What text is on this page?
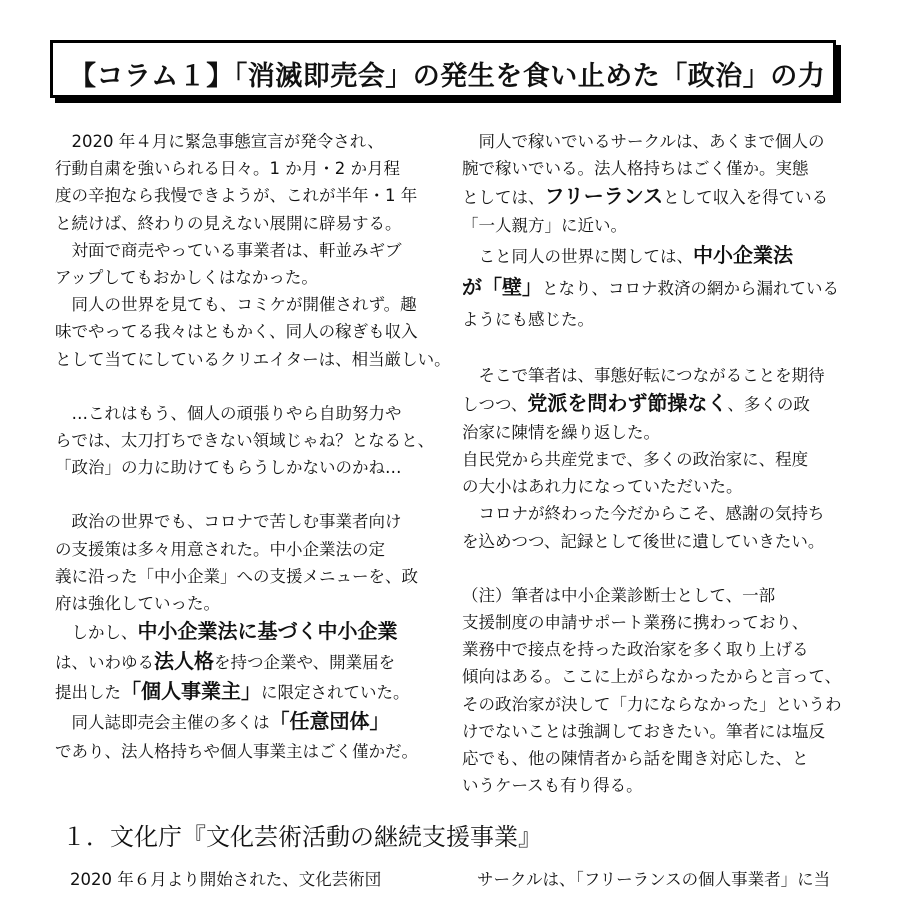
【コラム１】「消滅即売会」の発生を食い止めた「政治」の力
　2020 年４月に緊急事態宣言が発令され、
行動自粛を強いられる日々。1 か月・2 か月程
度の辛抱なら我慢できようが、これが半年・1 年
と続けば、終わりの見えない展開に辟易する。
　対面で商売やっている事業者は、軒並みギブ
アップしてもおかしくはなかった。
　同人の世界を見ても、コミケが開催されず。趣
味でやってる我々はともかく、同人の稼ぎも収入
として当てにしているクリエイターは、相当厳しい。
　…これはもう、個人の頑張りやら自助努力や
らでは、太刀打ちできない領域じゃね？となると、
「政治」の力に助けてもらうしかないのかね…
　政治の世界でも、コロナで苦しむ事業者向け
の支援策は多々用意された。中小企業法の定
義に沿った「中小企業」への支援メニューを、政
府は強化していった。
　しかし、中小企業法に基づく中小企業
は、いわゆる法人格を持つ企業や、開業届を
提出した「個人事業主」に限定されていた。
　同人誌即売会主催の多くは「任意団体」
であり、法人格持ちや個人事業主はごく僅かだ。
　同人で稼いでいるサークルは、あくまで個人の
腕で稼いでいる。法人格持ちはごく僅か。実態
としては、フリーランスとして収入を得ている
「一人親方」に近い。
　こと同人の世界に関しては、中小企業法
が「壁」となり、コロナ救済の網から漏れている
ようにも感じた。
　そこで筆者は、事態好転につながることを期待
しつつ、党派を問わず節操なく、多くの政
治家に陳情を繰り返した。
自民党から共産党まで、多くの政治家に、程度
の大小はあれ力になっていただいた。
　コロナが終わった今だからこそ、感謝の気持ち
を込めつつ、記録として後世に遺していきたい。
（注）筆者は中小企業診断士として、一部
支援制度の申請サポート業務に携わっており、
業務中で接点を持った政治家を多く取り上げる
傾向はある。ここに上がらなかったからと言って、
その政治家が決して「力にならなかった」というわ
けでないことは強調しておきたい。筆者には塩反
応でも、他の陳情者から話を聞き対応した、と
いうケースも有り得る。
１．文化庁『文化芸術活動の継続支援事業』
2020 年６月より開始された、文化芸術団	サークルは、「フリーランスの個人事業者」に当
